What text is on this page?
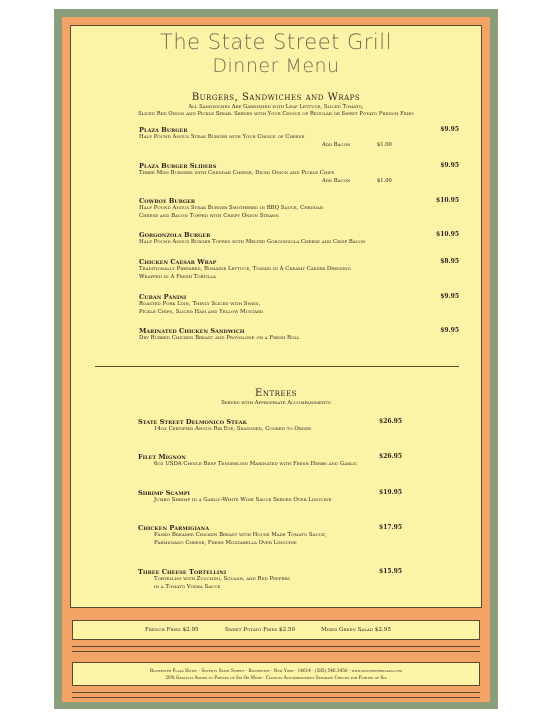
The State Street Grill
Dinner Menu
Burgers, Sandwiches and Wraps
All Sandwiches Are Garnished with Leaf Lettuce, Sliced Tomato,
Sliced Red Onion and Pickle Spear. Served with Your Choice of Regular or Sweet Potato French Fries
Plaza Burger	$9.95
Half Pound Angus Steak Burger with Your Choice of Cheese
Add Bacon	$1.00
Plaza Burger Sliders	$9.95
Three Mini Burgers with Cheddar Cheese, Diced Onion and Pickle Chips
Add Bacon	$1.00
Cowboy Burger	$10.95
Half Pound Angus Steak Burger Smothered in BBQ Sauce, Cheddar
Cheese and Bacon Topped with Crispy Onion Straws
Gorgonzola Burger	$10.95
Half Pound Angus Burger Topped with Melted Gorgonzola Cheese and Crisp Bacon
Chicken Caesar Wrap	$8.95
Traditionally Prepared, Romaine Lettuce, Tossed in A Creamy Caeser Dressing
Wrapped in A Fresh Tortilla
Cuban Panini	$9.95
Roasted Pork Loin, Thinly Sliced with Swiss,
Pickle Chips, Sliced Ham and Yellow Mustard
Marinated Chicken Sandwich	$9.95
Dry Rubbed Chicken Breast and Provolone on a Fresh Roll
Entrees
Served with Appropriate Accompaniments
State Street Delmonico Steak	$26.95
14oz Certified Angus Rib Eye, Seasoned, Cooked to Order
Filet Mignon	$26.95
6oz USDA Choice Beef Tenderloin Marinated with Fresh Herbs and Garlic
Shrimp Scampi	$19.95
Jumbo Shrimp in a Garlic-White Wine Sauce Served Over Linguine
Chicken Parmigiana	$17.95
Panko Breaded Chicken Breast with House Made Tomato Sauce,
Parmigiano Cheese, Fresh Mozzarella Over Linguine
Three Cheese Tortellini	$15.95
Tortellini with Zucchini, Squash, and Red Peppers
in a Tomato Vodka Sauce
French Fries $2.95	Sweet Potato Fries $2.50	Mixed Green Salad $2.95
Rochester Plaza Hotel · Seventy State Street · Rochester · New York · 14614 · (585) 546.3450 · www.rochesterplaza.com
20% Gratuity Added to Parties of Six Or More · Consult Accompaniment Separate Checks for Parties of Six
